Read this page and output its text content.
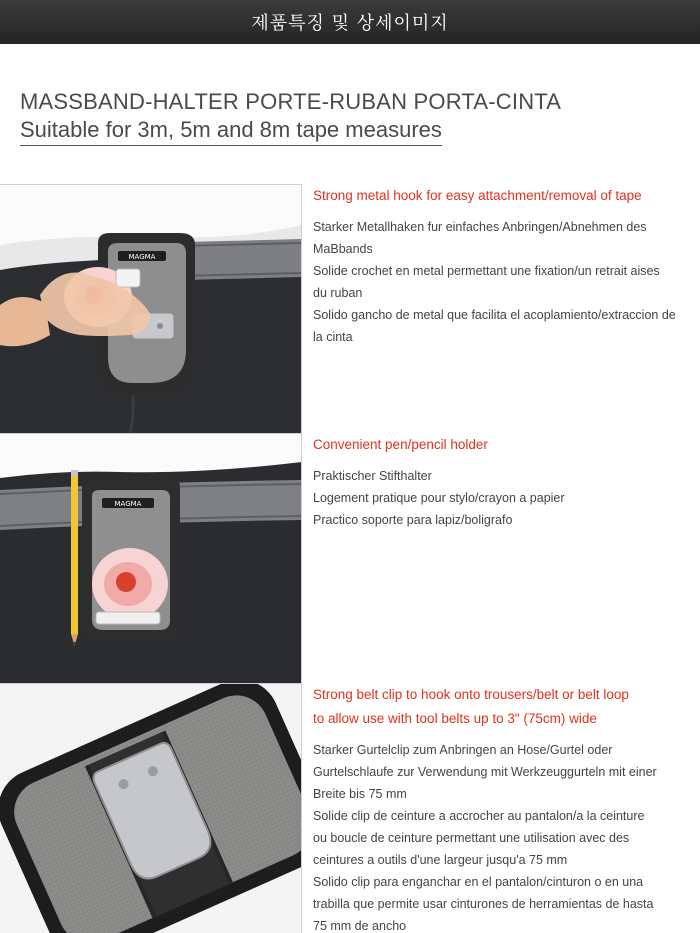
제품특징 및 상세이미지
MASSBAND-HALTER PORTE-RUBAN PORTA-CINTA
Suitable for 3m, 5m and 8m tape measures
MAGMA
Strong metal hook for easy attachment/removal of tape
Starker Metallhaken fur einfaches Anbringen/Abnehmen des
MaBbands
Solide crochet en metal permettant une fixation/un retrait aises
du ruban
Solido gancho de metal que facilita el acoplamiento/extraccion de
la cinta
MAGMA
Convenient pen/pencil holder
Praktischer Stifthalter
Logement pratique pour stylo/crayon a papier
Practico soporte para lapiz/boligrafo
Strong belt clip to hook onto trousers/belt or belt loop
to allow use with tool belts up to 3" (75cm) wide
Starker Gurtelclip zum Anbringen an Hose/Gurtel oder
Gurtelschlaufe zur Verwendung mit Werkzeuggurteln mit einer
Breite bis 75 mm
Solide clip de ceinture a accrocher au pantalon/a la ceinture
ou boucle de ceinture permettant une utilisation avec des
ceintures a outils d'une largeur jusqu'a 75 mm
Solido clip para enganchar en el pantalon/cinturon o en una
trabilla que permite usar cinturones de herramientas de hasta
75 mm de ancho
